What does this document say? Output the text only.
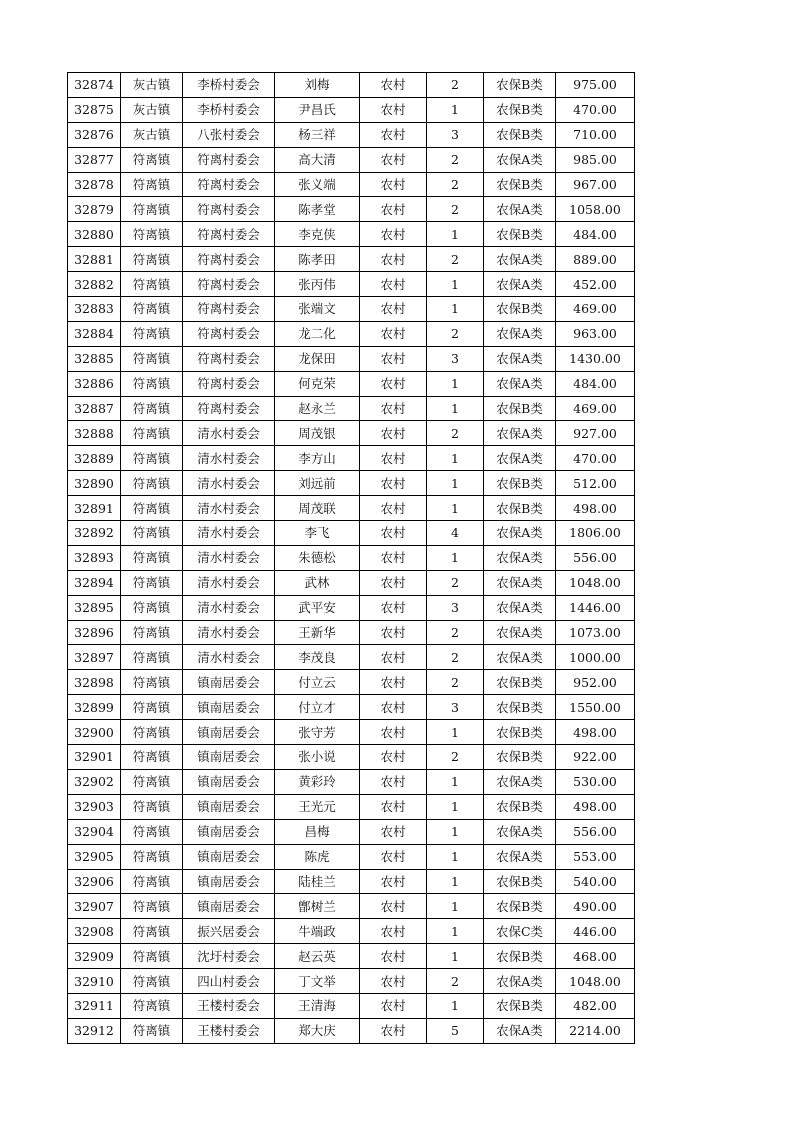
32874	灰古镇	李桥村委会	刘梅	农村	2	农保B类	975.00
32875	灰古镇	李桥村委会	尹昌氏	农村	1	农保B类	470.00
32876	灰古镇	八张村委会	杨三祥	农村	3	农保B类	710.00
32877	符离镇	符离村委会	高大清	农村	2	农保A类	985.00
32878	符离镇	符离村委会	张义端	农村	2	农保B类	967.00
32879	符离镇	符离村委会	陈孝堂	农村	2	农保A类	1058.00
32880	符离镇	符离村委会	李克侠	农村	1	农保B类	484.00
32881	符离镇	符离村委会	陈孝田	农村	2	农保A类	889.00
32882	符离镇	符离村委会	张丙伟	农村	1	农保A类	452.00
32883	符离镇	符离村委会	张端文	农村	1	农保B类	469.00
32884	符离镇	符离村委会	龙二化	农村	2	农保A类	963.00
32885	符离镇	符离村委会	龙保田	农村	3	农保A类	1430.00
32886	符离镇	符离村委会	何克荣	农村	1	农保A类	484.00
32887	符离镇	符离村委会	赵永兰	农村	1	农保B类	469.00
32888	符离镇	清水村委会	周茂银	农村	2	农保A类	927.00
32889	符离镇	清水村委会	李方山	农村	1	农保A类	470.00
32890	符离镇	清水村委会	刘远前	农村	1	农保B类	512.00
32891	符离镇	清水村委会	周茂联	农村	1	农保B类	498.00
32892	符离镇	清水村委会	李飞	农村	4	农保A类	1806.00
32893	符离镇	清水村委会	朱德松	农村	1	农保A类	556.00
32894	符离镇	清水村委会	武林	农村	2	农保A类	1048.00
32895	符离镇	清水村委会	武平安	农村	3	农保A类	1446.00
32896	符离镇	清水村委会	王新华	农村	2	农保A类	1073.00
32897	符离镇	清水村委会	李茂良	农村	2	农保A类	1000.00
32898	符离镇	镇南居委会	付立云	农村	2	农保B类	952.00
32899	符离镇	镇南居委会	付立才	农村	3	农保B类	1550.00
32900	符离镇	镇南居委会	张守芳	农村	1	农保B类	498.00
32901	符离镇	镇南居委会	张小说	农村	2	农保B类	922.00
32902	符离镇	镇南居委会	黄彩玲	农村	1	农保A类	530.00
32903	符离镇	镇南居委会	王光元	农村	1	农保B类	498.00
32904	符离镇	镇南居委会	昌梅	农村	1	农保A类	556.00
32905	符离镇	镇南居委会	陈虎	农村	1	农保A类	553.00
32906	符离镇	镇南居委会	陆桂兰	农村	1	农保B类	540.00
32907	符离镇	镇南居委会	鄫树兰	农村	1	农保B类	490.00
32908	符离镇	振兴居委会	牛端政	农村	1	农保C类	446.00
32909	符离镇	沈圩村委会	赵云英	农村	1	农保B类	468.00
32910	符离镇	四山村委会	丁文举	农村	2	农保A类	1048.00
32911	符离镇	王楼村委会	王清海	农村	1	农保B类	482.00
32912	符离镇	王楼村委会	郑大庆	农村	5	农保A类	2214.00
